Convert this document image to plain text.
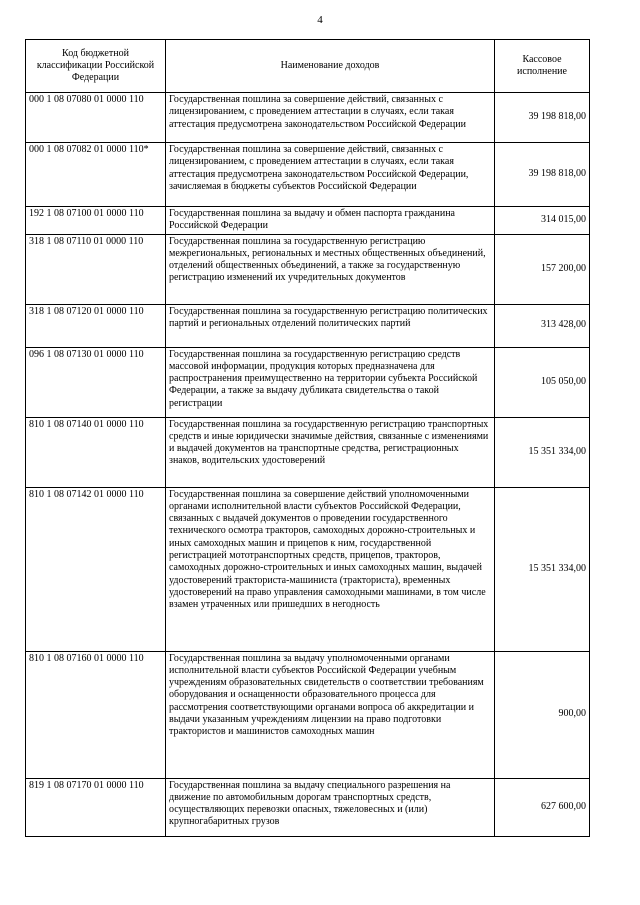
4
Код бюджетной классификации Российской Федерации	Наименование доходов	Кассовое исполнение
000 1 08 07080 01 0000 110	Государственная пошлина за совершение действий, связанных с лицензированием, с проведением аттестации в случаях, если такая аттестация предусмотрена законодательством Российской Федерации	39 198 818,00
000 1 08 07082 01 0000 110*	Государственная пошлина за совершение действий, связанных с лицензированием, с проведением аттестации в случаях, если такая аттестация предусмотрена законодательством Российской Федерации, зачисляемая в бюджеты субъектов Российской Федерации	39 198 818,00
192 1 08 07100 01 0000 110	Государственная пошлина за выдачу и обмен паспорта гражданина Российской Федерации	314 015,00
318 1 08 07110 01 0000 110	Государственная пошлина за государственную регистрацию межрегиональных, региональных и местных общественных объединений, отделений общественных объединений, а также за государственную регистрацию изменений их учредительных документов	157 200,00
318 1 08 07120 01 0000 110	Государственная пошлина за государственную регистрацию политических партий и региональных отделений политических партий	313 428,00
096 1 08 07130 01 0000 110	Государственная пошлина за государственную регистрацию средств массовой информации, продукция которых предназначена для распространения преимущественно на территории субъекта Российской Федерации, а также за выдачу дубликата свидетельства о такой регистрации	105 050,00
810 1 08 07140 01 0000 110	Государственная пошлина за государственную регистрацию транспортных средств и иные юридически значимые действия, связанные с изменениями и выдачей документов на транспортные средства, регистрационных знаков, водительских удостоверений	15 351 334,00
810 1 08 07142 01 0000 110	Государственная пошлина за совершение действий уполномоченными органами исполнительной власти субъектов Российской Федерации, связанных с выдачей документов о проведении государственного технического осмотра тракторов, самоходных дорожно-строительных и иных самоходных машин и прицепов к ним, государственной регистрацией мототранспортных средств, прицепов, тракторов, самоходных дорожно-строительных и иных самоходных машин, выдачей удостоверений тракториста-машиниста (тракториста), временных удостоверений на право управления самоходными машинами, в том числе взамен утраченных или пришедших в негодность	15 351 334,00
810 1 08 07160 01 0000 110	Государственная пошлина за выдачу уполномоченными органами исполнительной власти субъектов Российской Федерации учебным учреждениям образовательных свидетельств о соответствии требованиям оборудования и оснащенности образовательного процесса для рассмотрения соответствующими органами вопроса об аккредитации и выдачи указанным учреждениям лицензии на право подготовки трактористов и машинистов самоходных машин	900,00
819 1 08 07170 01 0000 110	Государственная пошлина за выдачу специального разрешения на движение по автомобильным дорогам транспортных средств, осуществляющих перевозки опасных, тяжеловесных и (или) крупногабаритных грузов	627 600,00
